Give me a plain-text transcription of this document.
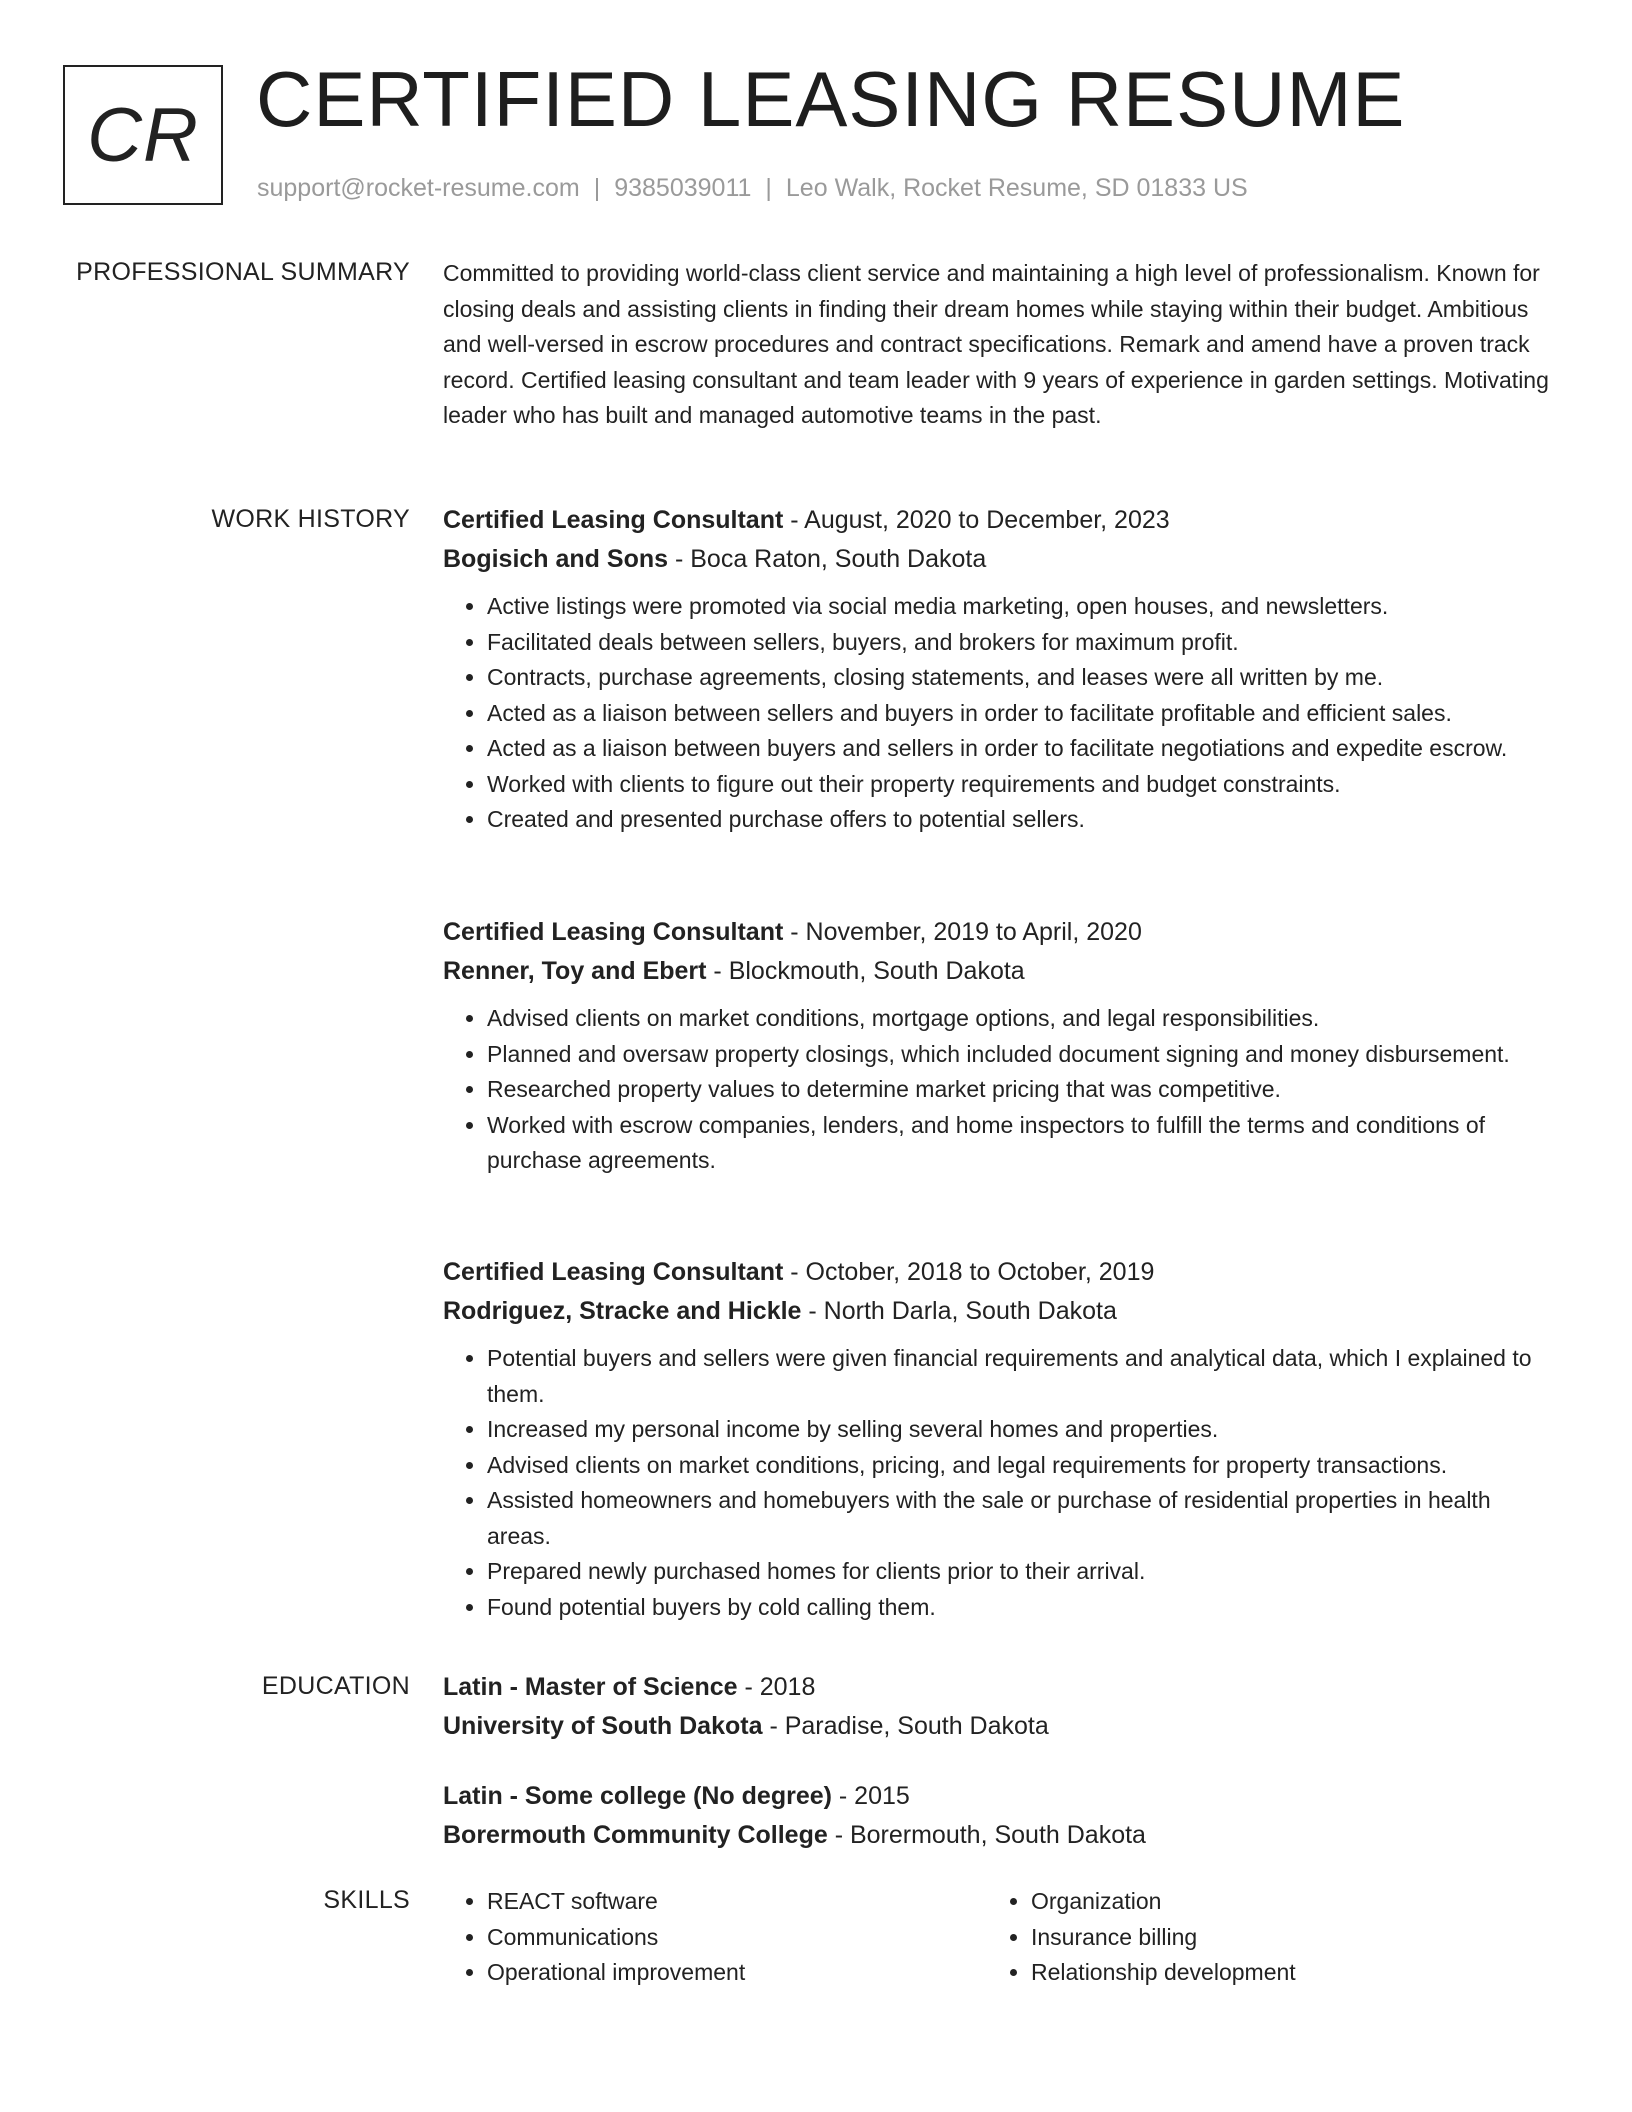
CR CERTIFIED LEASING RESUME
support@rocket-resume.com | 9385039011 | Leo Walk, Rocket Resume, SD 01833 US
PROFESSIONAL SUMMARY Committed to providing world-class client service and maintaining a high level of professionalism. Known for closing deals and assisting clients in finding their dream homes while staying within their budget. Ambitious and well-versed in escrow procedures and contract specifications. Remark and amend have a proven track record. Certified leasing consultant and team leader with 9 years of experience in garden settings. Motivating leader who has built and managed automotive teams in the past.
WORK HISTORY Certified Leasing Consultant - August, 2020 to December, 2023
Bogisich and Sons - Boca Raton, South Dakota
• Active listings were promoted via social media marketing, open houses, and newsletters.
• Facilitated deals between sellers, buyers, and brokers for maximum profit.
• Contracts, purchase agreements, closing statements, and leases were all written by me.
• Acted as a liaison between sellers and buyers in order to facilitate profitable and efficient sales.
• Acted as a liaison between buyers and sellers in order to facilitate negotiations and expedite escrow.
• Worked with clients to figure out their property requirements and budget constraints.
• Created and presented purchase offers to potential sellers.
Certified Leasing Consultant - November, 2019 to April, 2020
Renner, Toy and Ebert - Blockmouth, South Dakota
• Advised clients on market conditions, mortgage options, and legal responsibilities.
• Planned and oversaw property closings, which included document signing and money disbursement.
• Researched property values to determine market pricing that was competitive.
• Worked with escrow companies, lenders, and home inspectors to fulfill the terms and conditions of purchase agreements.
Certified Leasing Consultant - October, 2018 to October, 2019
Rodriguez, Stracke and Hickle - North Darla, South Dakota
• Potential buyers and sellers were given financial requirements and analytical data, which I explained to them.
• Increased my personal income by selling several homes and properties.
• Advised clients on market conditions, pricing, and legal requirements for property transactions.
• Assisted homeowners and homebuyers with the sale or purchase of residential properties in health areas.
• Prepared newly purchased homes for clients prior to their arrival.
• Found potential buyers by cold calling them.
EDUCATION Latin - Master of Science - 2018
University of South Dakota - Paradise, South Dakota
Latin - Some college (No degree) - 2015
Borermouth Community College - Borermouth, South Dakota
SKILLS
•	REACT software
• Communications
• Operational improvement
• Organization
• Insurance billing
• Relationship development
